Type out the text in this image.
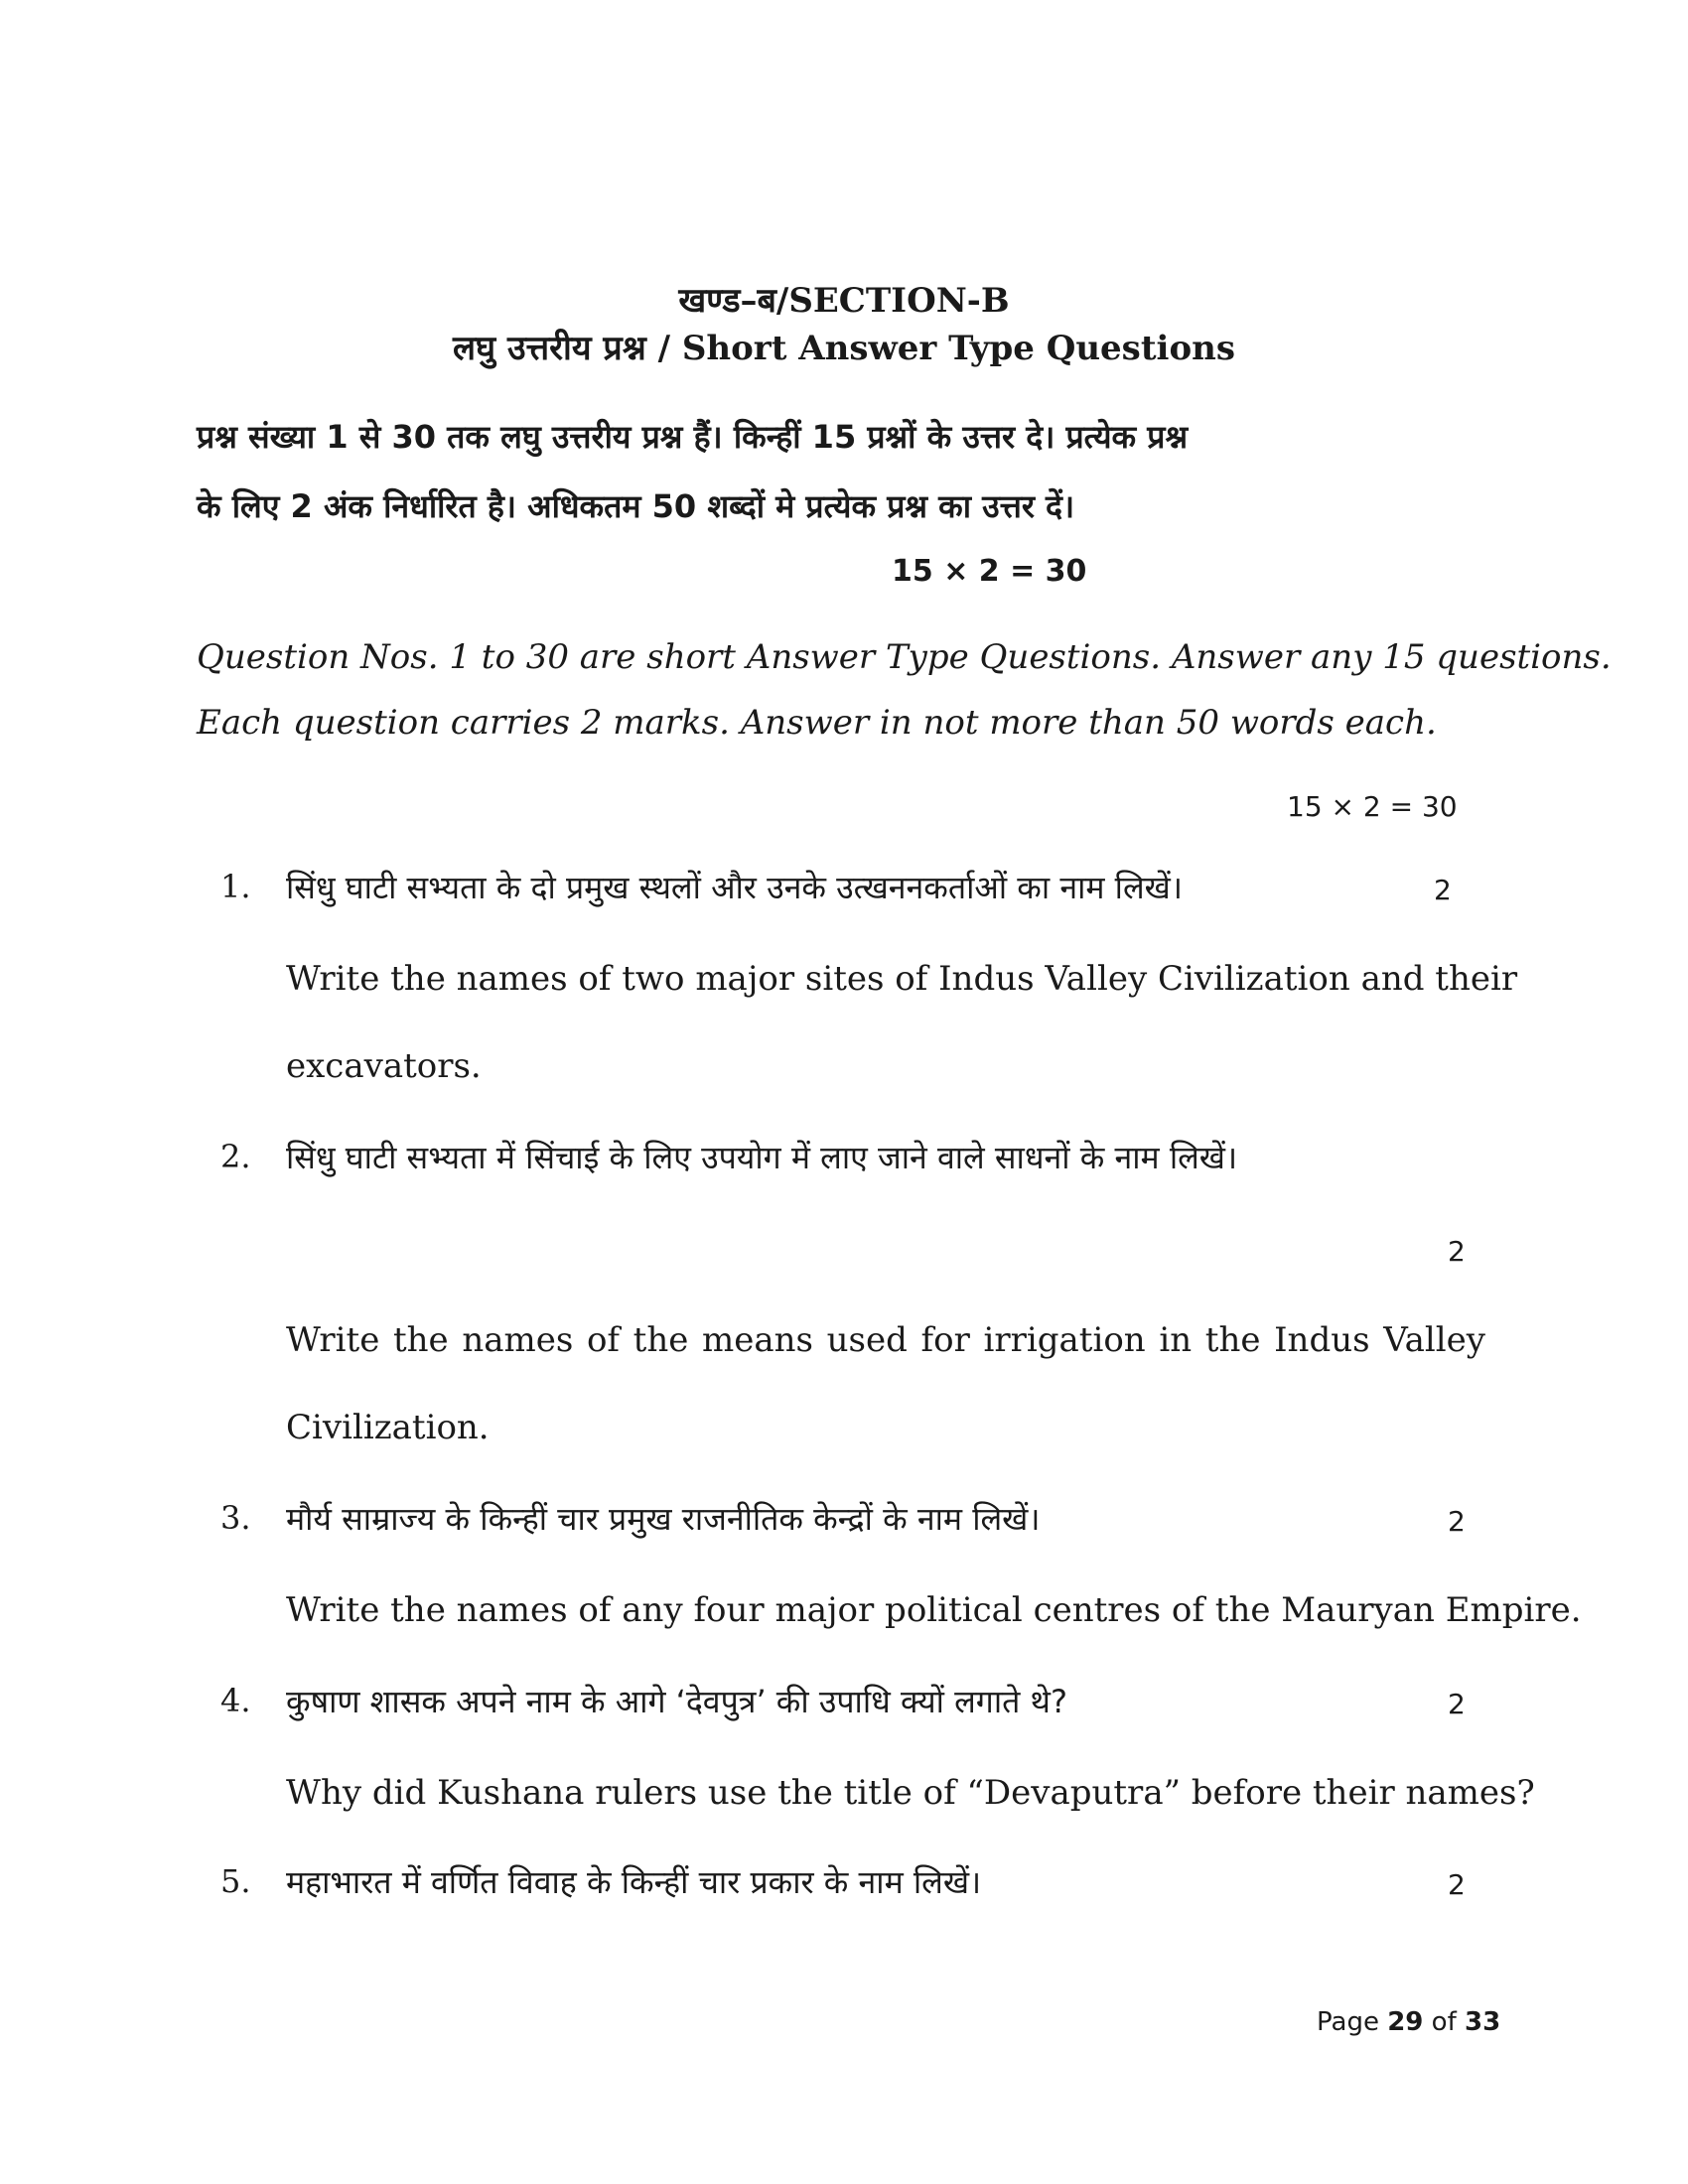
खण्ड–ब/SECTION-B
लघु उत्तरीय प्रश्न / Short Answer Type Questions
प्रश्न संख्या 1 से 30 तक लघु उत्तरीय प्रश्न हैं। किन्हीं 15 प्रश्नों के उत्तर दे। प्रत्येक प्रश्न
के लिए 2 अंक निर्धारित है। अधिकतम 50 शब्दों मे प्रत्येक प्रश्न का उत्तर दें।
15 × 2 = 30
Question Nos. 1 to 30 are short Answer Type Questions. Answer any 15 questions.
Each question carries 2 marks. Answer in not more than 50 words each.
15 × 2 = 30
1. सिंधु घाटी सभ्यता के दो प्रमुख स्थलों और उनके उत्खननकर्ताओं का नाम लिखें।	2
Write the names of two major sites of Indus Valley Civilization and their
excavators.
2. सिंधु घाटी सभ्यता में सिंचाई के लिए उपयोग में लाए जाने वाले साधनों के नाम लिखें।
2
Write the names of the means used for irrigation in the Indus Valley
Civilization.
3. मौर्य साम्राज्य के किन्हीं चार प्रमुख राजनीतिक केन्द्रों के नाम लिखें।	2
Write the names of any four major political centres of the Mauryan Empire.
4. कुषाण शासक अपने नाम के आगे ‘देवपुत्र’ की उपाधि क्यों लगाते थे?	2
Why did Kushana rulers use the title of “Devaputra” before their names?
5. महाभारत में वर्णित विवाह के किन्हीं चार प्रकार के नाम लिखें।	2
Page 29 of 33
